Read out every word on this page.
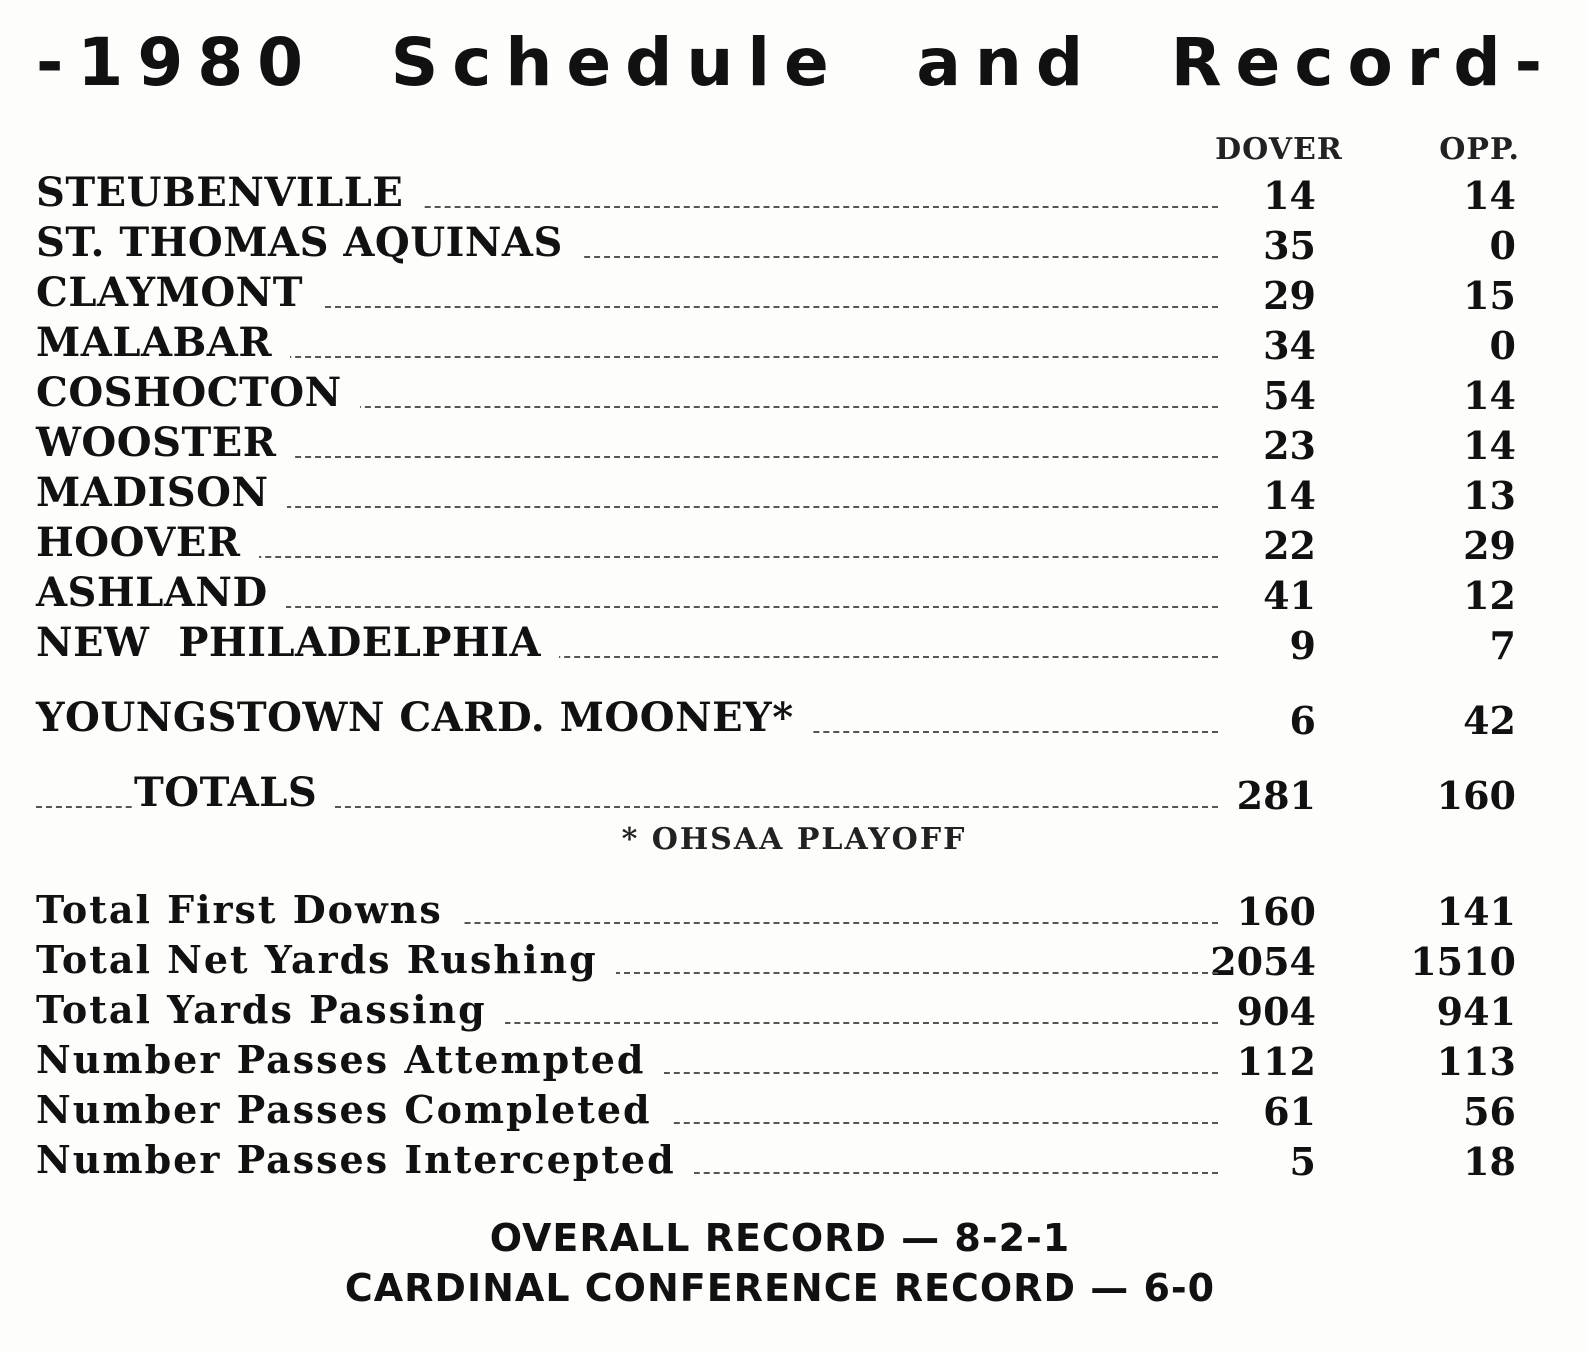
-1980 Schedule and Record-
DOVER	OPP.
STEUBENVILLE	14	14
ST. THOMAS AQUINAS	35	0
CLAYMONT	29	15
MALABAR	34	0
COSHOCTON	54	14
WOOSTER	23	14
MADISON	14	13
HOOVER	22	29
ASHLAND	41	12
NEW  PHILADELPHIA	9	7
YOUNGSTOWN CARD. MOONEY*	6	42
TOTALS	281	160
* OHSAA PLAYOFF
Total First Downs	160	141
Total Net Yards Rushing	2054	1510
Total Yards Passing	904	941
Number Passes Attempted	112	113
Number Passes Completed	61	56
Number Passes Intercepted	5	18
OVERALL RECORD — 8-2-1
CARDINAL CONFERENCE RECORD — 6-0
